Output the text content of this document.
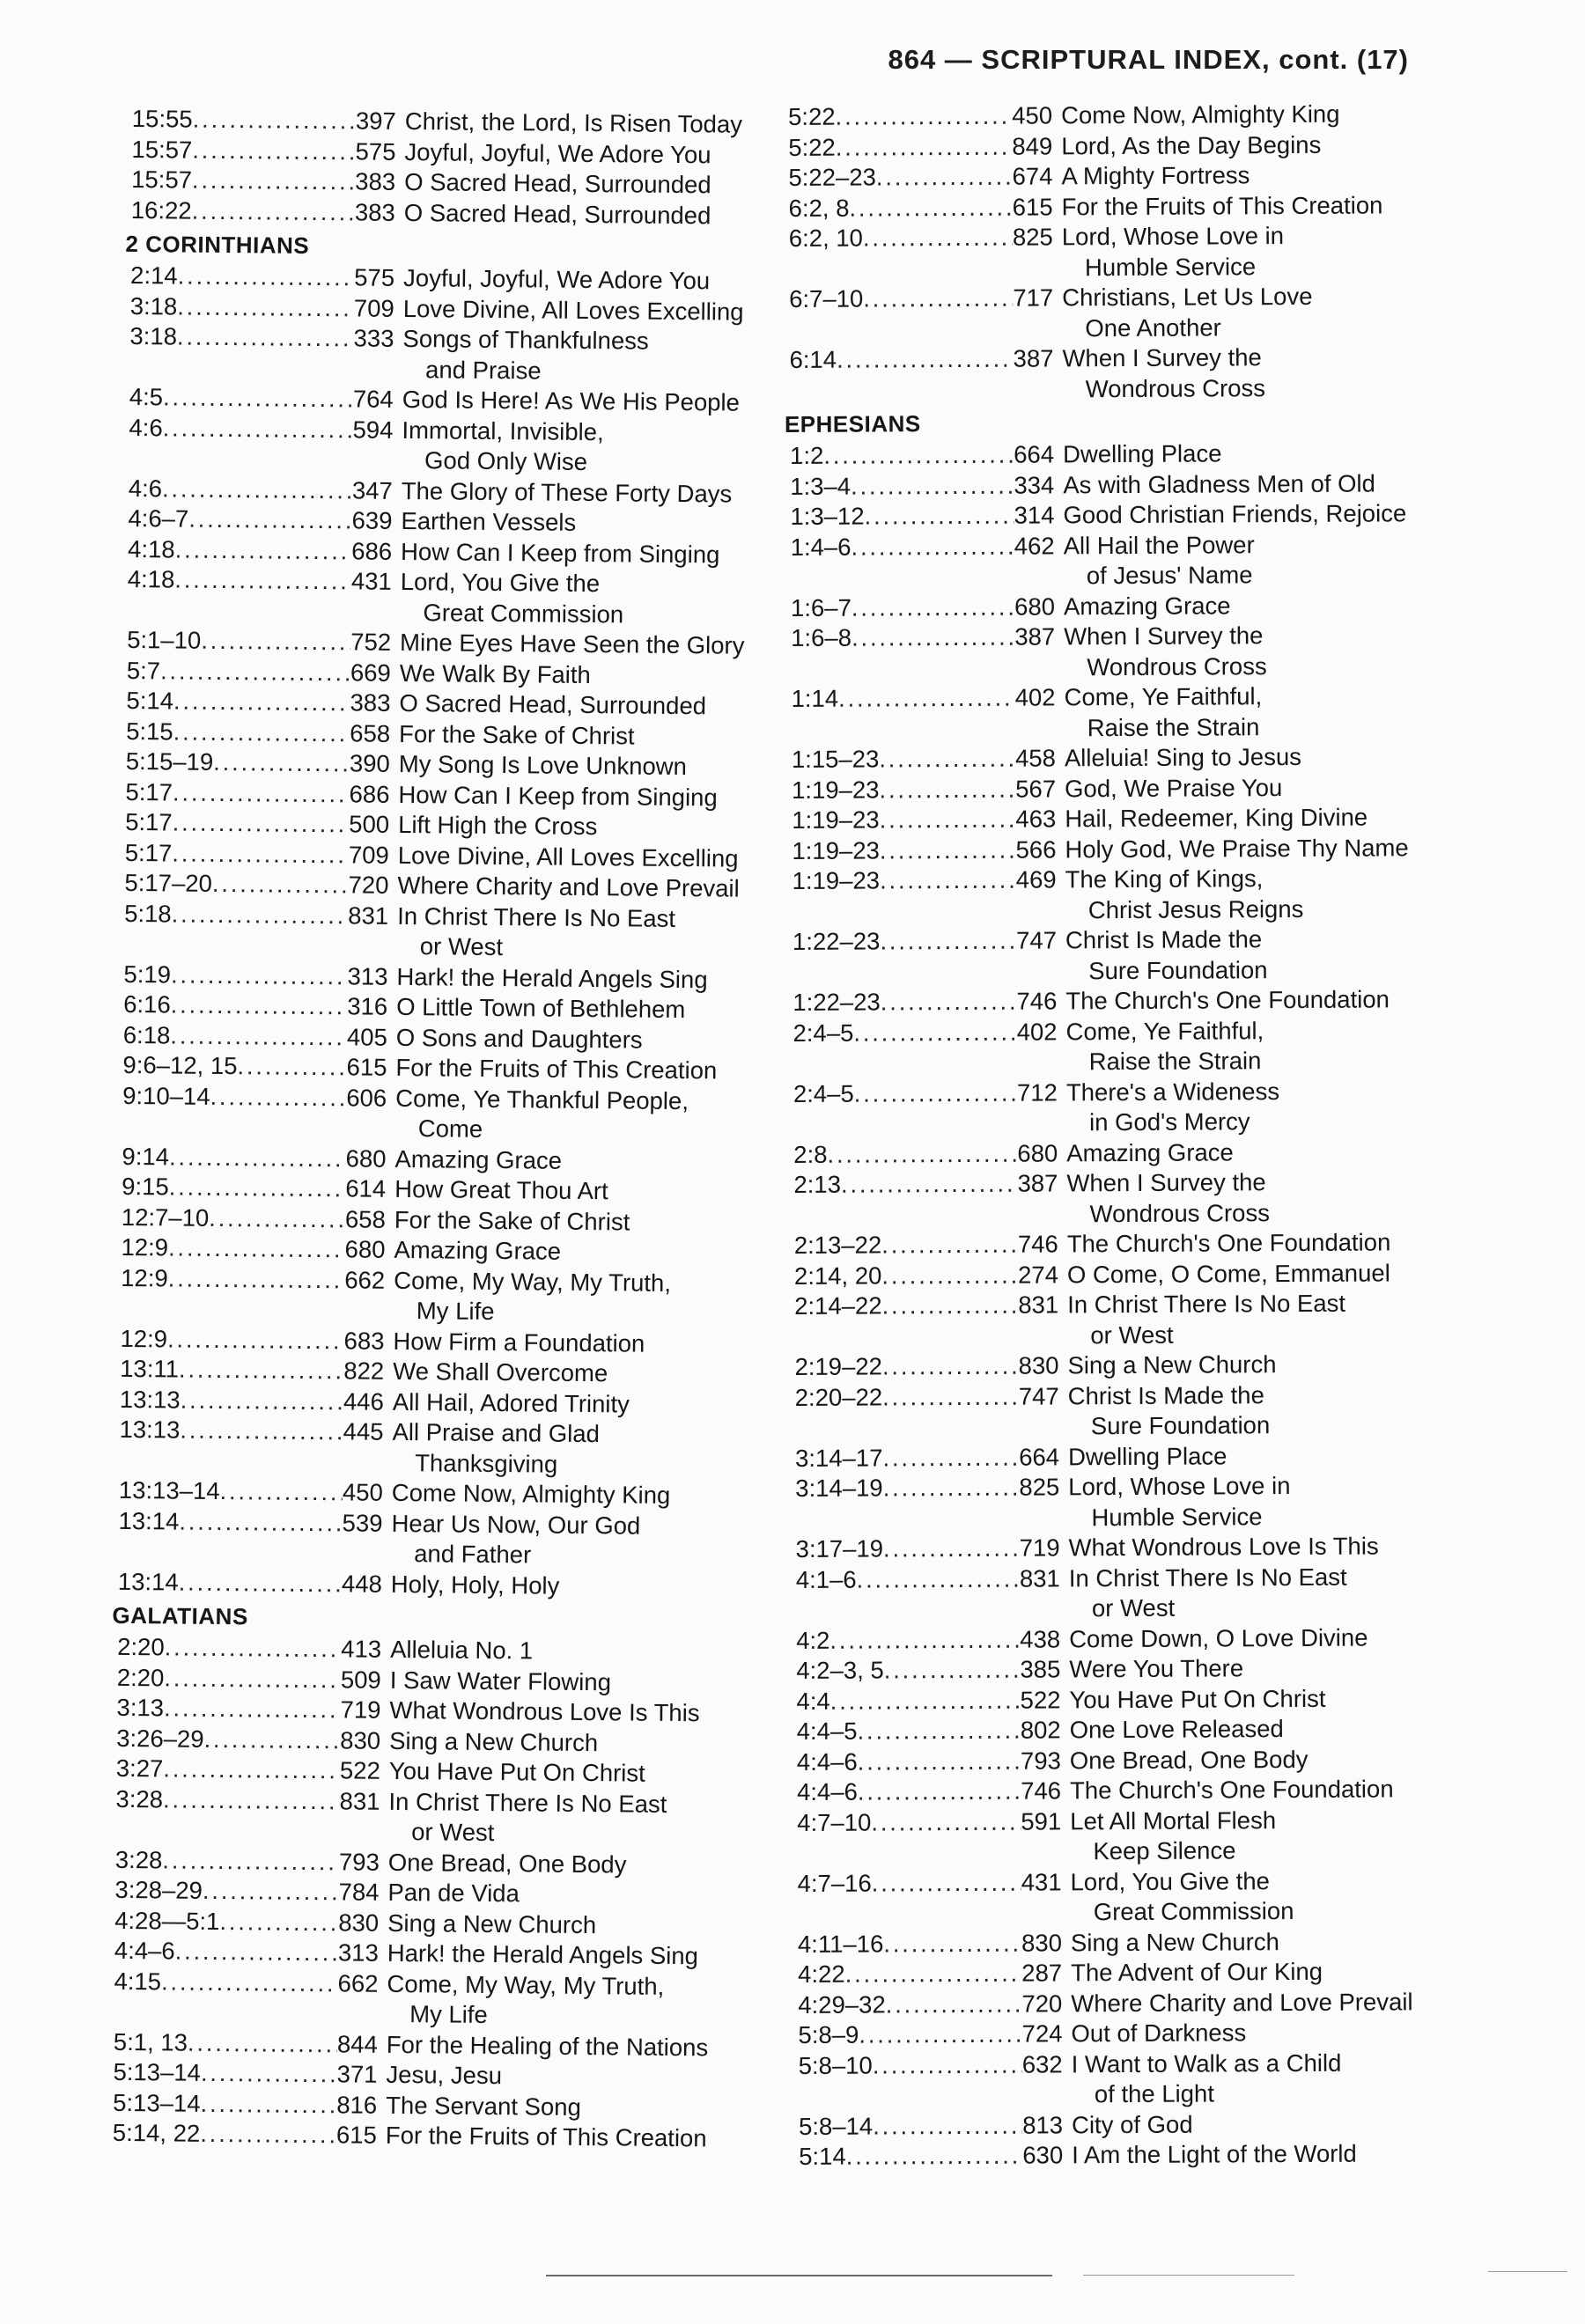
864 — SCRIPTURAL INDEX, cont. (17)
15:55 .....	397 Christ, the Lord, Is Risen Today
15:57 .....	575 Joyful, Joyful, We Adore You
15:57 .....	383 O Sacred Head, Surrounded
16:22 .....	383 O Sacred Head, Surrounded
2 CORINTHIANS
2:14 .....	575 Joyful, Joyful, We Adore You
3:18 .....	709 Love Divine, All Loves Excelling
3:18 .....	333 Songs of Thankfulness
and Praise
4:5 .....	764 God Is Here! As We His People
4:6 .....	594 Immortal, Invisible,
God Only Wise
4:6 .....	347 The Glory of These Forty Days
4:6–7 .....	639 Earthen Vessels
4:18 .....	686 How Can I Keep from Singing
4:18 .....	431 Lord, You Give the
Great Commission
5:1–10 .....	752 Mine Eyes Have Seen the Glory
5:7 .....	669 We Walk By Faith
5:14 .....	383 O Sacred Head, Surrounded
5:15 .....	658 For the Sake of Christ
5:15–19 .....	390 My Song Is Love Unknown
5:17 .....	686 How Can I Keep from Singing
5:17 .....	500 Lift High the Cross
5:17 .....	709 Love Divine, All Loves Excelling
5:17–20 .....	720 Where Charity and Love Prevail
5:18 .....	831 In Christ There Is No East
or West
5:19 .....	313 Hark! the Herald Angels Sing
6:16 .....	316 O Little Town of Bethlehem
6:18 .....	405 O Sons and Daughters
9:6–12, 15 .....	615 For the Fruits of This Creation
9:10–14 .....	606 Come, Ye Thankful People,
Come
9:14 .....	680 Amazing Grace
9:15 .....	614 How Great Thou Art
12:7–10 .....	658 For the Sake of Christ
12:9 .....	680 Amazing Grace
12:9 .....	662 Come, My Way, My Truth,
My Life
12:9 .....	683 How Firm a Foundation
13:11 .....	822 We Shall Overcome
13:13 .....	446 All Hail, Adored Trinity
13:13 .....	445 All Praise and Glad
Thanksgiving
13:13–14 .....	450 Come Now, Almighty King
13:14 .....	539 Hear Us Now, Our God
and Father
13:14 .....	448 Holy, Holy, Holy
GALATIANS
2:20 .....	413 Alleluia No. 1
2:20 .....	509 I Saw Water Flowing
3:13 .....	719 What Wondrous Love Is This
3:26–29 .....	830 Sing a New Church
3:27 .....	522 You Have Put On Christ
3:28 .....	831 In Christ There Is No East
or West
3:28 .....	793 One Bread, One Body
3:28–29 .....	784 Pan de Vida
4:28—5:1 .....	830 Sing a New Church
4:4–6 .....	313 Hark! the Herald Angels Sing
4:15 .....	662 Come, My Way, My Truth,
My Life
5:1, 13 .....	844 For the Healing of the Nations
5:13–14 .....	371 Jesu, Jesu
5:13–14 .....	816 The Servant Song
5:14, 22 .....	615 For the Fruits of This Creation
5:22 .....	450 Come Now, Almighty King
5:22 .....	849 Lord, As the Day Begins
5:22–23 .....	674 A Mighty Fortress
6:2, 8 .....	615 For the Fruits of This Creation
6:2, 10 .....	825 Lord, Whose Love in
Humble Service
6:7–10 .....	717 Christians, Let Us Love
One Another
6:14 .....	387 When I Survey the
Wondrous Cross
EPHESIANS
1:2 .....	664 Dwelling Place
1:3–4 .....	334 As with Gladness Men of Old
1:3–12 .....	314 Good Christian Friends, Rejoice
1:4–6 .....	462 All Hail the Power
of Jesus' Name
1:6–7 .....	680 Amazing Grace
1:6–8 .....	387 When I Survey the
Wondrous Cross
1:14 .....	402 Come, Ye Faithful,
Raise the Strain
1:15–23 .....	458 Alleluia! Sing to Jesus
1:19–23 .....	567 God, We Praise You
1:19–23 .....	463 Hail, Redeemer, King Divine
1:19–23 .....	566 Holy God, We Praise Thy Name
1:19–23 .....	469 The King of Kings,
Christ Jesus Reigns
1:22–23 .....	747 Christ Is Made the
Sure Foundation
1:22–23 .....	746 The Church's One Foundation
2:4–5 .....	402 Come, Ye Faithful,
Raise the Strain
2:4–5 .....	712 There's a Wideness
in God's Mercy
2:8 .....	680 Amazing Grace
2:13 .....	387 When I Survey the
Wondrous Cross
2:13–22 .....	746 The Church's One Foundation
2:14, 20 .....	274 O Come, O Come, Emmanuel
2:14–22 .....	831 In Christ There Is No East
or West
2:19–22 .....	830 Sing a New Church
2:20–22 .....	747 Christ Is Made the
Sure Foundation
3:14–17 .....	664 Dwelling Place
3:14–19 .....	825 Lord, Whose Love in
Humble Service
3:17–19 .....	719 What Wondrous Love Is This
4:1–6 .....	831 In Christ There Is No East
or West
4:2 .....	438 Come Down, O Love Divine
4:2–3, 5 .....	385 Were You There
4:4 .....	522 You Have Put On Christ
4:4–5 .....	802 One Love Released
4:4–6 .....	793 One Bread, One Body
4:4–6 .....	746 The Church's One Foundation
4:7–10 .....	591 Let All Mortal Flesh
Keep Silence
4:7–16 .....	431 Lord, You Give the
Great Commission
4:11–16 .....	830 Sing a New Church
4:22 .....	287 The Advent of Our King
4:29–32 .....	720 Where Charity and Love Prevail
5:8–9 .....	724 Out of Darkness
5:8–10 .....	632 I Want to Walk as a Child
of the Light
5:8–14 .....	813 City of God
5:14 .....	630 I Am the Light of the World
